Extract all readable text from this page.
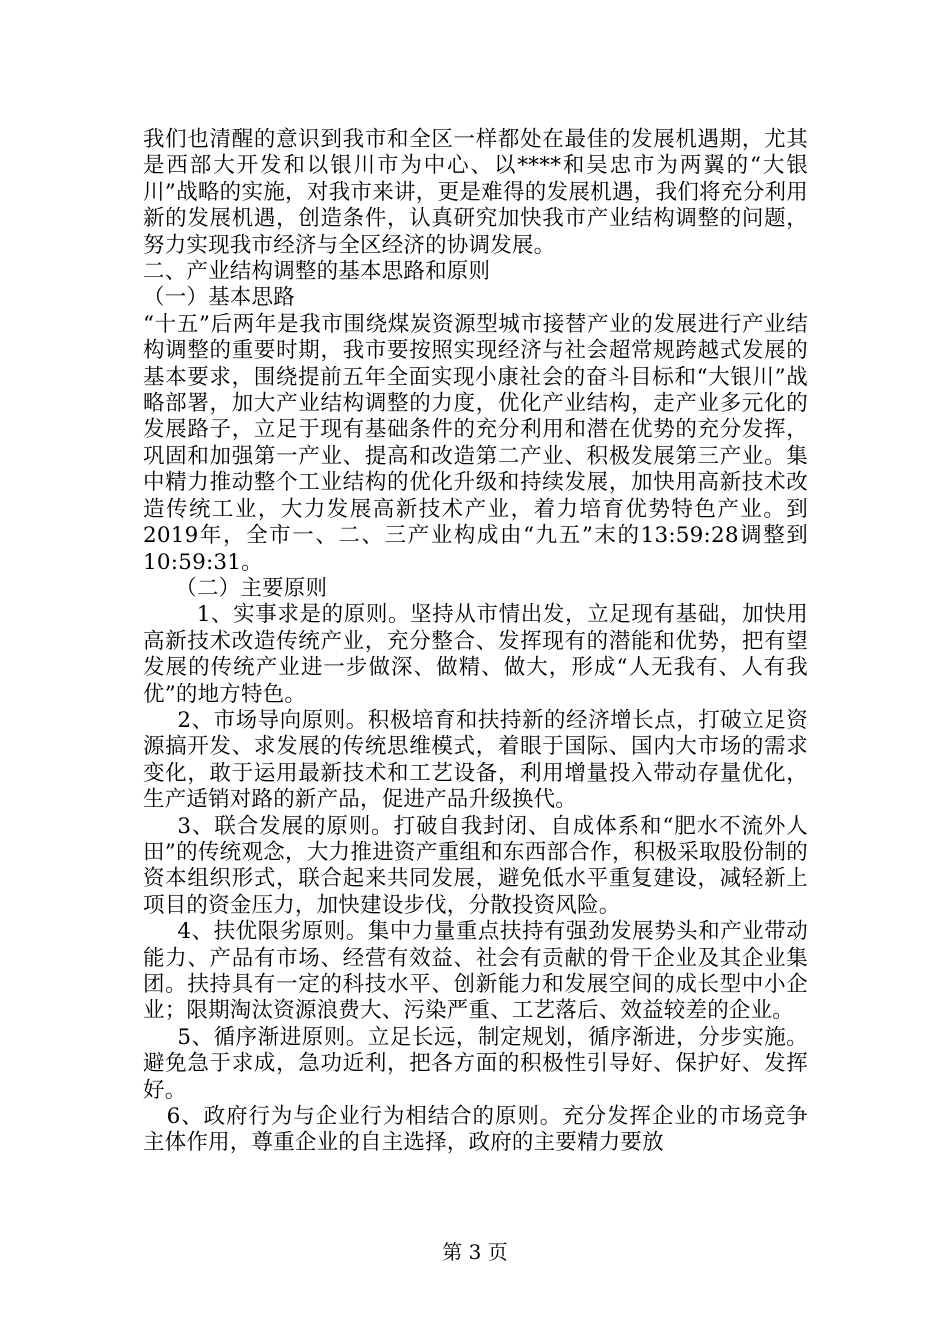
我们也清醒的意识到我市和全区一样都处在最佳的发展机遇期，尤其是西部大开发和以银川市为中心、以****和吴忠市为两翼的“大银川”战略的实施，对我市来讲，更是难得的发展机遇，我们将充分利用新的发展机遇，创造条件，认真研究加快我市产业结构调整的问题，努力实现我市经济与全区经济的协调发展。

二、产业结构调整的基本思路和原则

（一）基本思路

“十五”后两年是我市围绕煤炭资源型城市接替产业的发展进行产业结构调整的重要时期，我市要按照实现经济与社会超常规跨越式发展的基本要求，围绕提前五年全面实现小康社会的奋斗目标和“大银川”战略部署，加大产业结构调整的力度，优化产业结构，走产业多元化的发展路子，立足于现有基础条件的充分利用和潜在优势的充分发挥，巩固和加强第一产业、提高和改造第二产业、积极发展第三产业。集中精力推动整个工业结构的优化升级和持续发展，加快用高新技术改造传统工业，大力发展高新技术产业，着力培育优势特色产业。到2019年，全市一、二、三产业构成由“九五”末的13:59:28调整到10:59:31。

（二）主要原则

1、实事求是的原则。坚持从市情出发，立足现有基础，加快用高新技术改造传统产业，充分整合、发挥现有的潜能和优势，把有望发展的传统产业进一步做深、做精、做大，形成“人无我有、人有我优”的地方特色。

2、市场导向原则。积极培育和扶持新的经济增长点，打破立足资源搞开发、求发展的传统思维模式，着眼于国际、国内大市场的需求变化，敢于运用最新技术和工艺设备，利用增量投入带动存量优化，生产适销对路的新产品，促进产品升级换代。

3、联合发展的原则。打破自我封闭、自成体系和“肥水不流外人田”的传统观念，大力推进资产重组和东西部合作，积极采取股份制的资本组织形式，联合起来共同发展，避免低水平重复建设，减轻新上项目的资金压力，加快建设步伐，分散投资风险。

4、扶优限劣原则。集中力量重点扶持有强劲发展势头和产业带动能力、产品有市场、经营有效益、社会有贡献的骨干企业及其企业集团。扶持具有一定的科技水平、创新能力和发展空间的成长型中小企业；限期淘汰资源浪费大、污染严重、工艺落后、效益较差的企业。

5、循序渐进原则。立足长远，制定规划，循序渐进，分步实施。避免急于求成，急功近利，把各方面的积极性引导好、保护好、发挥好。

6、政府行为与企业行为相结合的原则。充分发挥企业的市场竞争主体作用，尊重企业的自主选择，政府的主要精力要放

第 3 页
